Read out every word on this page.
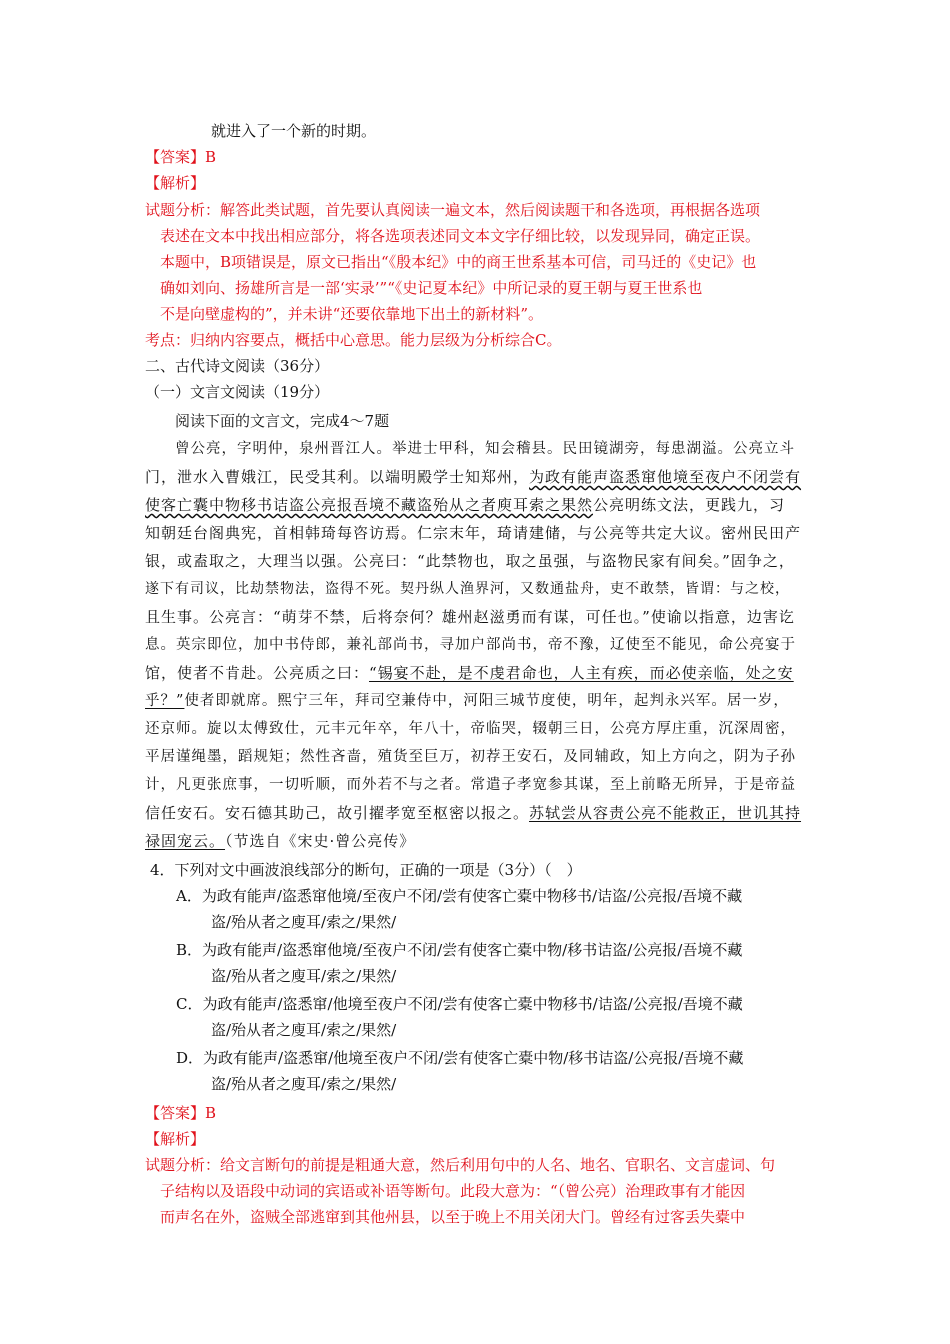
就进入了一个新的时期。
【答案】B
【解析】
试题分析：解答此类试题，首先要认真阅读一遍文本，然后阅读题干和各选项，再根据各选项
表述在文本中找出相应部分，将各选项表述同文本文字仔细比较，以发现异同，确定正误。
本题中，B项错误是，原文已指出“《殷本纪》中的商王世系基本可信，司马迁的《史记》也
确如刘向、扬雄所言是一部‘实录’”“《史记夏本纪》中所记录的夏王朝与夏王世系也
不是向壁虚构的”，并未讲“还要依靠地下出土的新材料”。
考点：归纳内容要点，概括中心意思。能力层级为分析综合C。
二、古代诗文阅读（36分）
（一）文言文阅读（19分）
阅读下面的文言文，完成4～7题
曾公亮，字明仲，泉州晋江人。举进士甲科，知会稽县。民田镜湖旁，每患湖溢。公亮立斗
门，泄水入曹娥江，民受其利。以端明殿学士知郑州，为政有能声盗悉窜他境至夜户不闭尝有
使客亡囊中物移书诘盗公亮报吾境不藏盗殆从之者庾耳索之果然公亮明练文法，更践九，习
知朝廷台阁典宪，首相韩琦每咨访焉。仁宗末年，琦请建储，与公亮等共定大议。密州民田产
银，或盍取之，大理当以强。公亮曰：“此禁物也，取之虽强，与盗物民家有间矣。”固争之，
遂下有司议，比劫禁物法，盗得不死。契丹纵人渔界河，又数通盐舟，吏不敢禁，皆谓：与之校，
且生事。公亮言：“萌芽不禁，后将奈何？雄州赵滋勇而有谋，可任也。”使谕以指意，边害讫
息。英宗即位，加中书侍郎，兼礼部尚书，寻加户部尚书，帝不豫，辽使至不能见，命公亮宴于
馆，使者不肯赴。公亮质之曰：“锡宴不赴，是不虔君命也，人主有疾，而必使亲临，处之安
乎？”使者即就席。熙宁三年，拜司空兼侍中，河阳三城节度使，明年，起判永兴军。居一岁，
还京师。旋以太傅致仕，元丰元年卒，年八十，帝临哭，辍朝三日，公亮方厚庄重，沉深周密，
平居谨绳墨，蹈规矩；然性吝啬，殖货至巨万，初荐王安石，及同辅政，知上方向之，阴为子孙
计，凡更张庶事，一切听顺，而外若不与之者。常遣子孝宽参其谋，至上前略无所异，于是帝益
信任安石。安石德其助己，故引擢孝宽至枢密以报之。苏轼尝从容责公亮不能救正，世讥其持
禄固宠云。（节选自《宋史·曾公亮传》
4．下列对文中画波浪线部分的断句，正确的一项是（3分）（　）
A．为政有能声/盗悉窜他境/至夜户不闭/尝有使客亡橐中物移书/诘盗/公亮报/吾境不藏
盗/殆从者之廋耳/索之/果然/
B．为政有能声/盗悉窜他境/至夜户不闭/尝有使客亡橐中物/移书诘盗/公亮报/吾境不藏
盗/殆从者之廋耳/索之/果然/
C．为政有能声/盗悉窜/他境至夜户不闭/尝有使客亡橐中物移书/诘盗/公亮报/吾境不藏
盗/殆从者之廋耳/索之/果然/
D．为政有能声/盗悉窜/他境至夜户不闭/尝有使客亡橐中物/移书诘盗/公亮报/吾境不藏
盗/殆从者之廋耳/索之/果然/
【答案】B
【解析】
试题分析：给文言断句的前提是粗通大意，然后利用句中的人名、地名、官职名、文言虚词、句
子结构以及语段中动词的宾语或补语等断句。此段大意为：“（曾公亮）治理政事有才能因
而声名在外，盗贼全部逃窜到其他州县，以至于晚上不用关闭大门。曾经有过客丢失橐中
